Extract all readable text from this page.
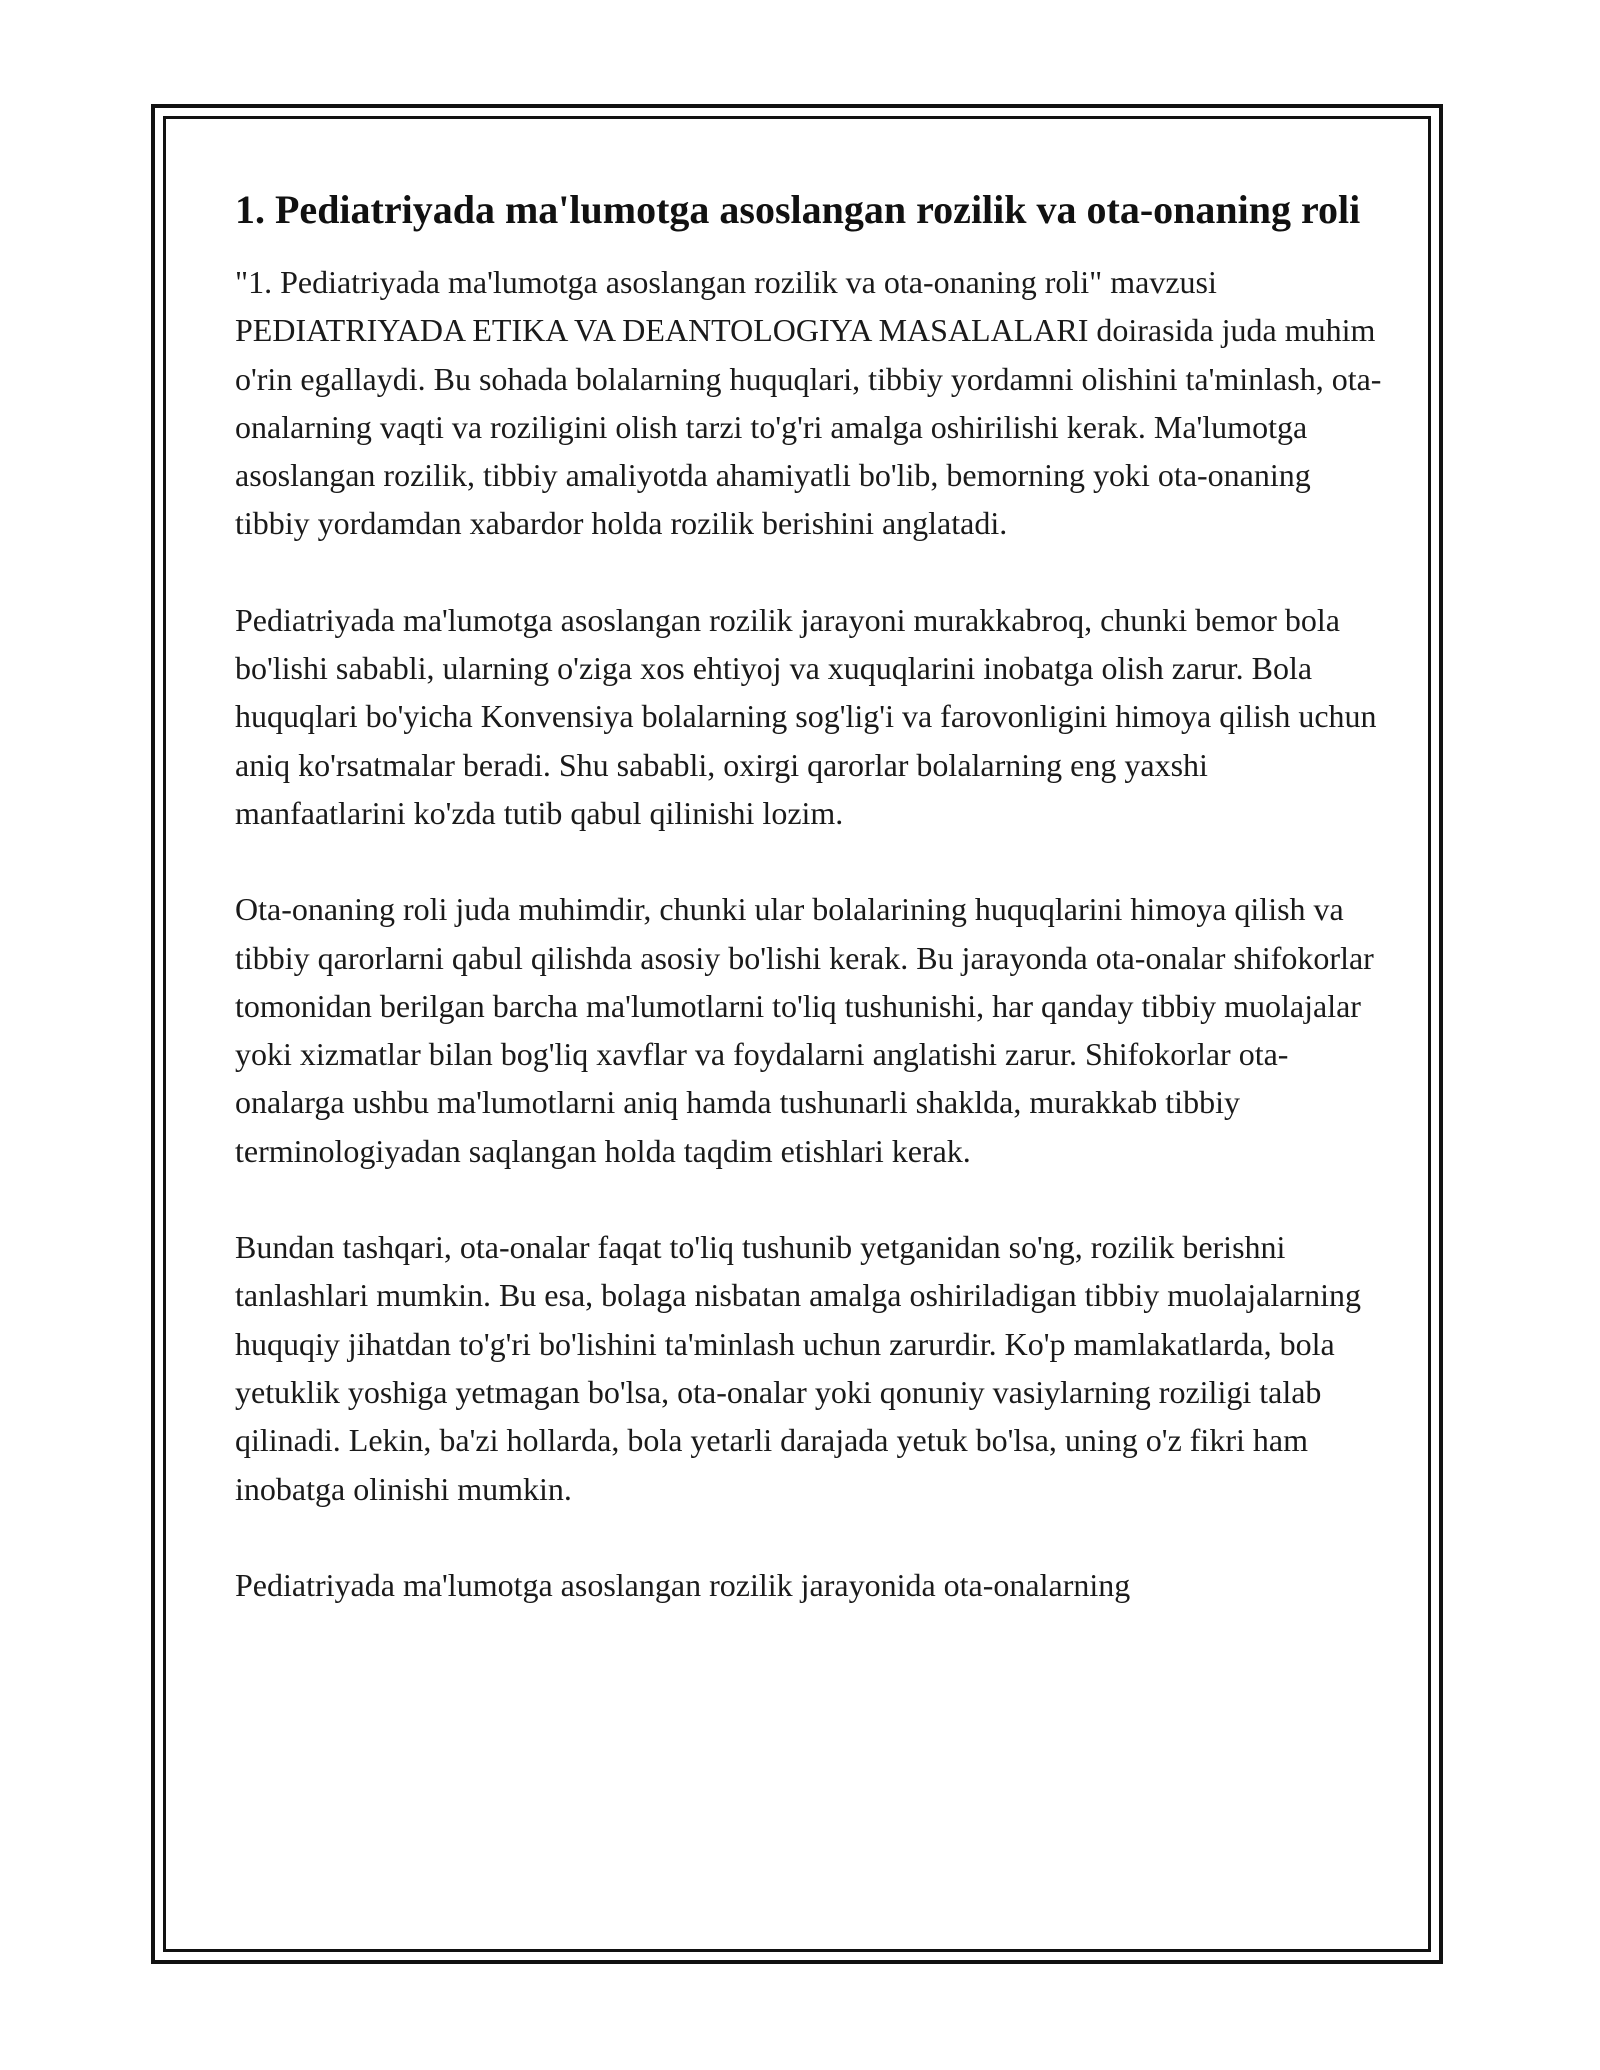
1. Pediatriyada ma'lumotga asoslangan rozilik va ota-onaning roli

"1. Pediatriyada ma'lumotga asoslangan rozilik va ota-onaning roli" mavzusi PEDIATRIYADA ETIKA VA DEANTOLOGIYA MASALALARI doirasida juda muhim o'rin egallaydi. Bu sohada bolalarning huquqlari, tibbiy yordamni olishini ta'minlash, ota-onalarning vaqti va roziligini olish tarzi to'g'ri amalga oshirilishi kerak. Ma'lumotga asoslangan rozilik, tibbiy amaliyotda ahamiyatli bo'lib, bemorning yoki ota-onaning tibbiy yordamdan xabardor holda rozilik berishini anglatadi.

Pediatriyada ma'lumotga asoslangan rozilik jarayoni murakkabroq, chunki bemor bola bo'lishi sababli, ularning o'ziga xos ehtiyoj va xuquqlarini inobatga olish zarur. Bola huquqlari bo'yicha Konvensiya bolalarning sog'lig'i va farovonligini himoya qilish uchun aniq ko'rsatmalar beradi. Shu sababli, oxirgi qarorlar bolalarning eng yaxshi manfaatlarini ko'zda tutib qabul qilinishi lozim.

Ota-onaning roli juda muhimdir, chunki ular bolalarining huquqlarini himoya qilish va tibbiy qarorlarni qabul qilishda asosiy bo'lishi kerak. Bu jarayonda ota-onalar shifokorlar tomonidan berilgan barcha ma'lumotlarni to'liq tushunishi, har qanday tibbiy muolajalar yoki xizmatlar bilan bog'liq xavflar va foydalarni anglatishi zarur. Shifokorlar ota-onalarga ushbu ma'lumotlarni aniq hamda tushunarli shaklda, murakkab tibbiy terminologiyadan saqlangan holda taqdim etishlari kerak.

Bundan tashqari, ota-onalar faqat to'liq tushunib yetganidan so'ng, rozilik berishni tanlashlari mumkin. Bu esa, bolaga nisbatan amalga oshiriladigan tibbiy muolajalarning huquqiy jihatdan to'g'ri bo'lishini ta'minlash uchun zarurdir. Ko'p mamlakatlarda, bola yetuklik yoshiga yetmagan bo'lsa, ota-onalar yoki qonuniy vasiylarning roziligi talab qilinadi. Lekin, ba'zi hollarda, bola yetarli darajada yetuk bo'lsa, uning o'z fikri ham inobatga olinishi mumkin.

Pediatriyada ma'lumotga asoslangan rozilik jarayonida ota-onalarning
